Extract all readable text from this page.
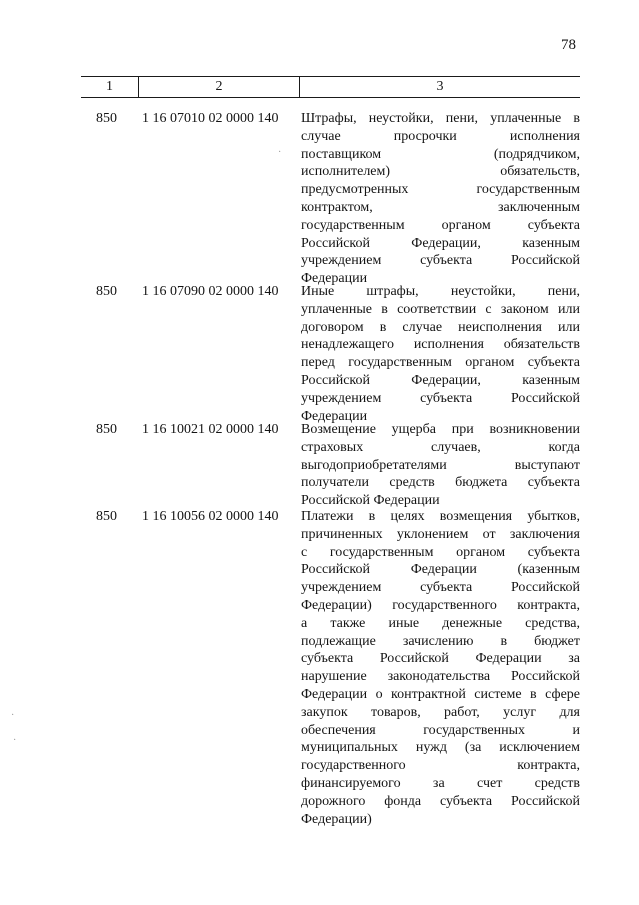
78
1	2	3
850 1 16 07010 02 0000 140 Штрафы, неустойки, пени, уплаченные в
случае просрочки исполнения
поставщиком (подрядчиком,
исполнителем) обязательств,
предусмотренных государственным
контрактом, заключенным
государственным органом субъекта
Российской Федерации, казенным
учреждением субъекта Российской
Федерации
850 1 16 07090 02 0000 140 Иные штрафы, неустойки, пени,
уплаченные в соответствии с законом или
договором в случае неисполнения или
ненадлежащего исполнения обязательств
перед государственным органом субъекта
Российской Федерации, казенным
учреждением субъекта Российской
Федерации
850 1 16 10021 02 0000 140 Возмещение ущерба при возникновении
страховых случаев, когда
выгодоприобретателями выступают
получатели средств бюджета субъекта
Российской Федерации
850 1 16 10056 02 0000 140 Платежи в целях возмещения убытков,
причиненных уклонением от заключения
с государственным органом субъекта
Российской Федерации (казенным
учреждением субъекта Российской
Федерации) государственного контракта,
а также иные денежные средства,
подлежащие зачислению в бюджет
субъекта Российской Федерации за
нарушение законодательства Российской
Федерации о контрактной системе в сфере
закупок товаров, работ, услуг для
обеспечения государственных и
муниципальных нужд (за исключением
государственного контракта,
финансируемого за счет средств
дорожного фонда субъекта Российской
Федерации)
·
·
·
